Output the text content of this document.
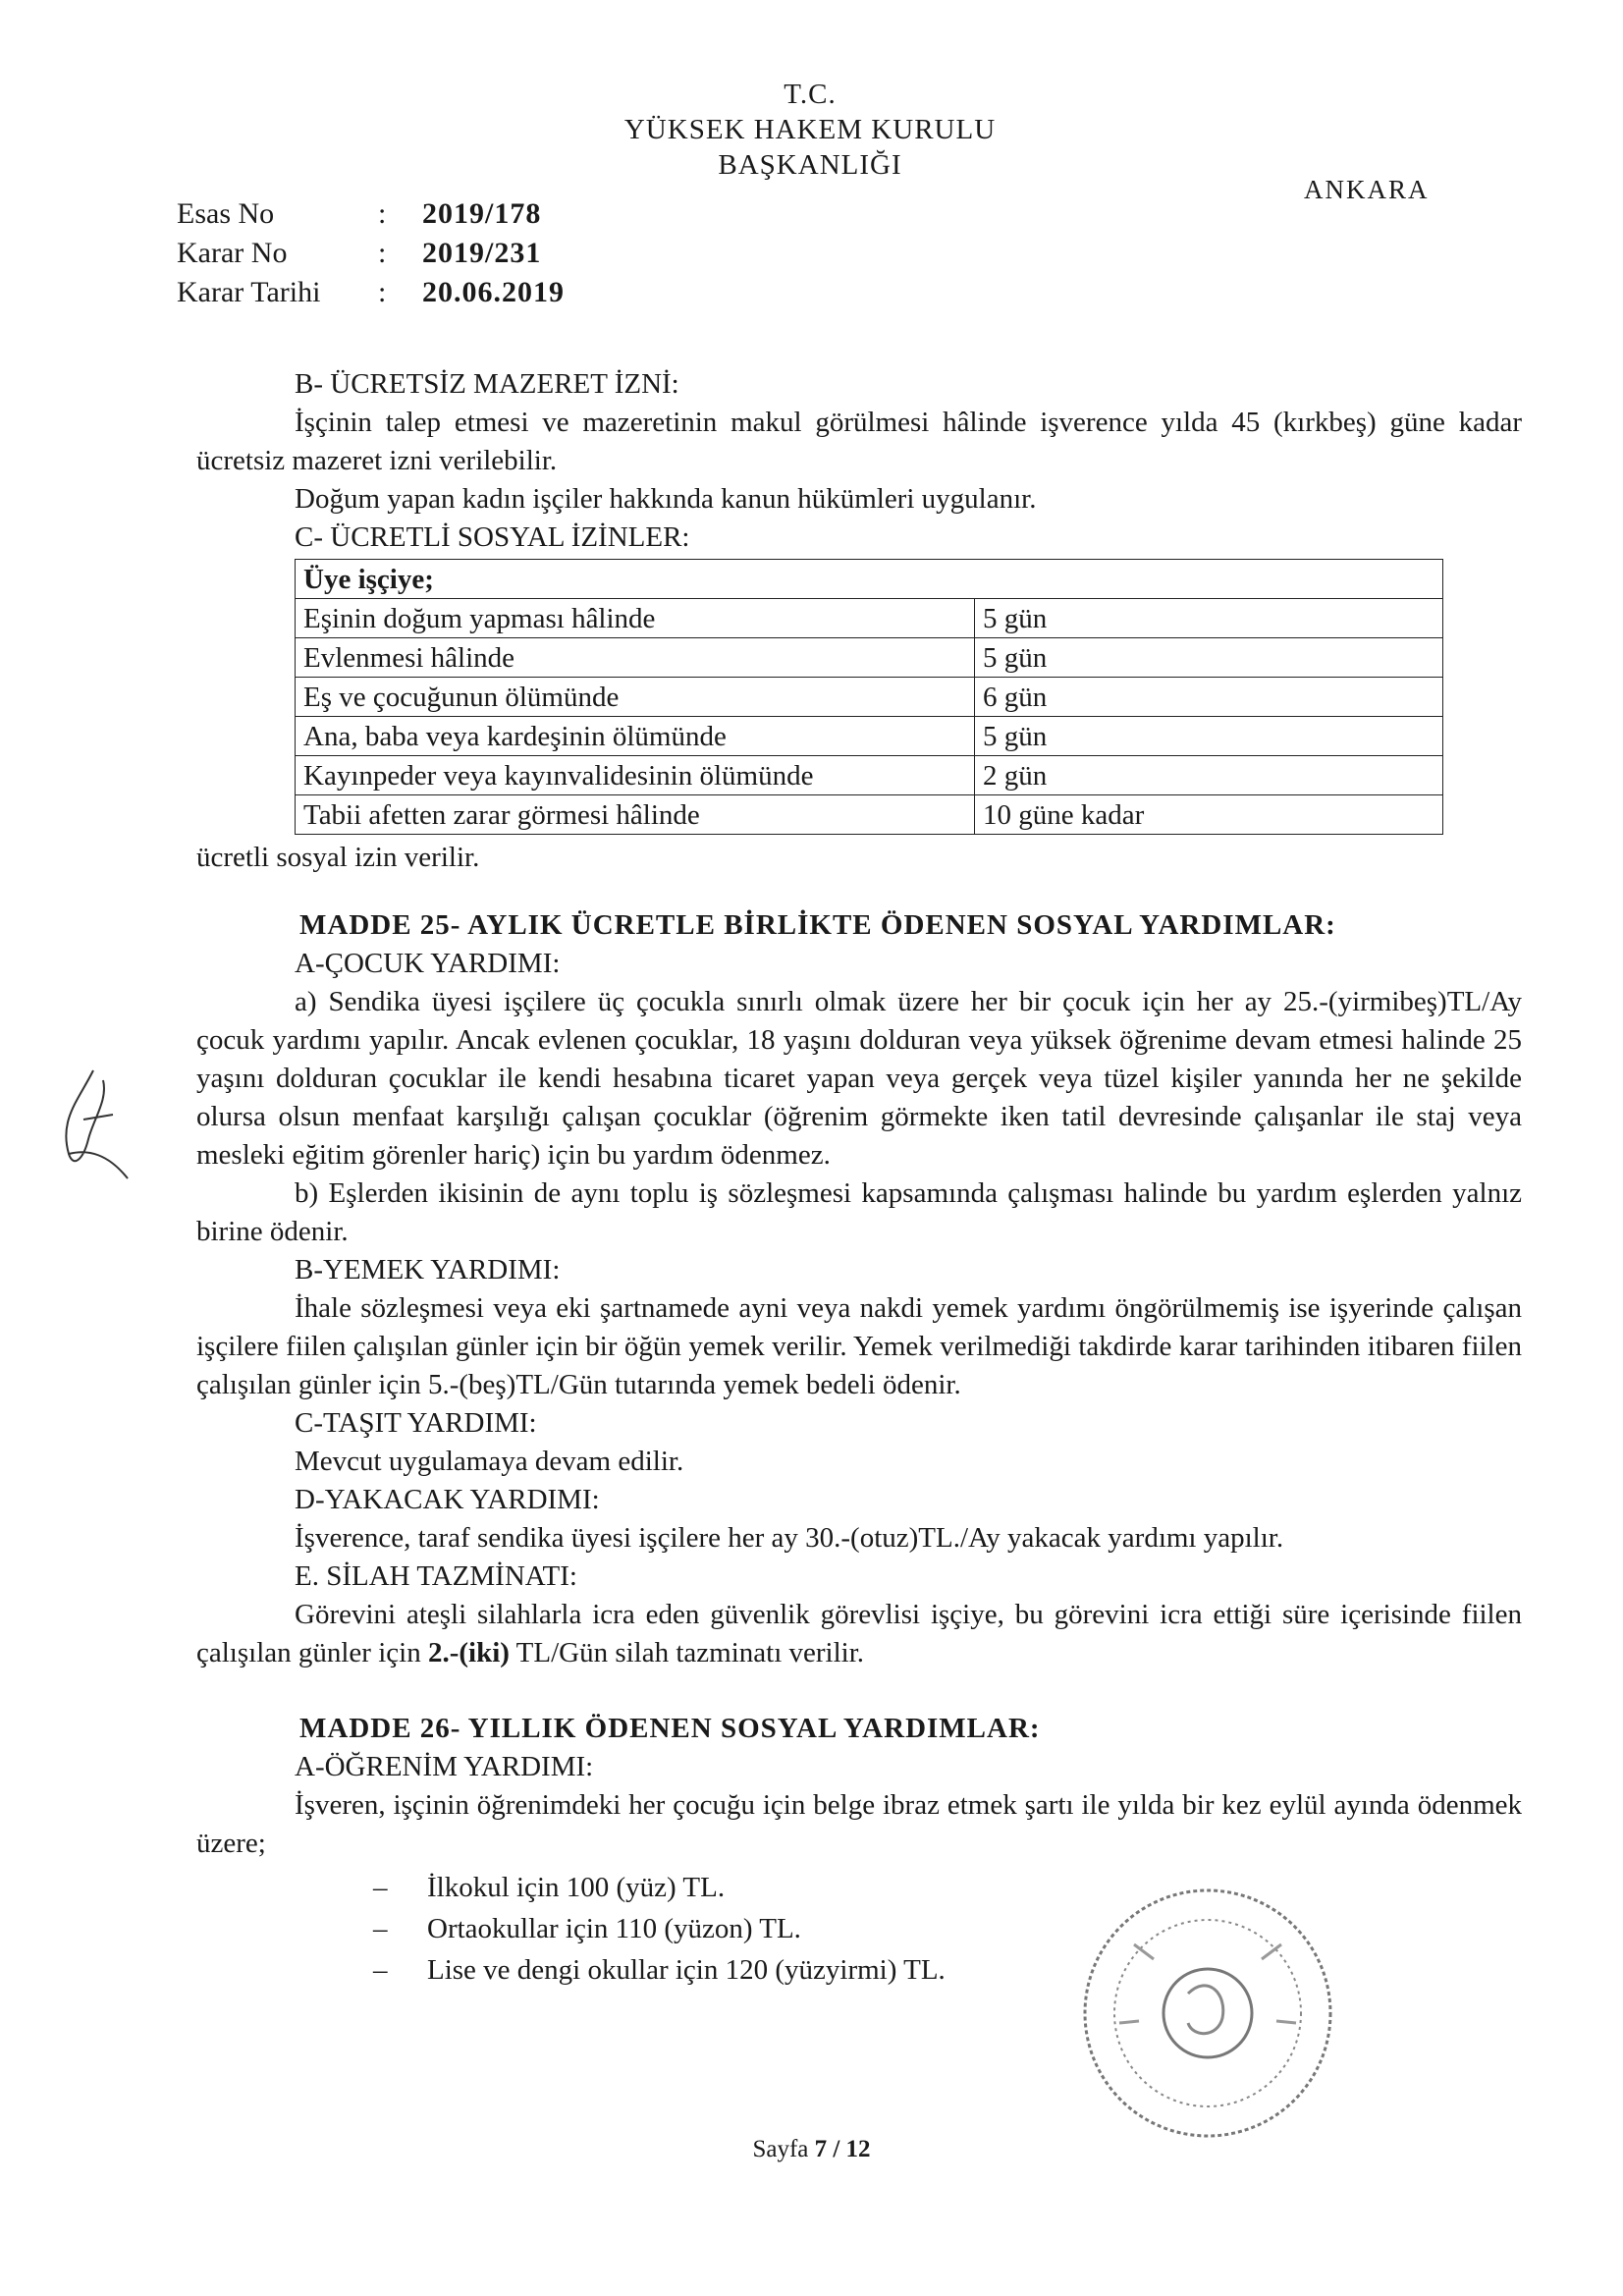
T.C.
YÜKSEK HAKEM KURULU
BAŞKANLIĞI
ANKARA
Esas No	:	2019/178
Karar No	:	2019/231
Karar Tarihi	:	20.06.2019

B- ÜCRETSİZ MAZERET İZNİ:

İşçinin talep etmesi ve mazeretinin makul görülmesi hâlinde işverence yılda 45 (kırkbeş) güne kadar ücretsiz mazeret izni verilebilir.

Doğum yapan kadın işçiler hakkında kanun hükümleri uygulanır.

C- ÜCRETLİ SOSYAL İZİNLER:

Üye işçiye;	
Eşinin doğum yapması hâlinde	5 gün
Evlenmesi hâlinde	5 gün
Eş ve çocuğunun ölümünde	6 gün
Ana, baba veya kardeşinin ölümünde	5 gün
Kayınpeder veya kayınvalidesinin ölümünde	2 gün
Tabii afetten zarar görmesi hâlinde	10 güne kadar

ücretli sosyal izin verilir.

MADDE 25- AYLIK ÜCRETLE BİRLİKTE ÖDENEN SOSYAL YARDIMLAR:

A-ÇOCUK YARDIMI:

a) Sendika üyesi işçilere üç çocukla sınırlı olmak üzere her bir çocuk için her ay 25.-(yirmibeş)TL/Ay çocuk yardımı yapılır. Ancak evlenen çocuklar, 18 yaşını dolduran veya yüksek öğrenime devam etmesi halinde 25 yaşını dolduran çocuklar ile kendi hesabına ticaret yapan veya gerçek veya tüzel kişiler yanında her ne şekilde olursa olsun menfaat karşılığı çalışan çocuklar (öğrenim görmekte iken tatil devresinde çalışanlar ile staj veya mesleki eğitim görenler hariç) için bu yardım ödenmez.

b) Eşlerden ikisinin de aynı toplu iş sözleşmesi kapsamında çalışması halinde bu yardım eşlerden yalnız birine ödenir.

B-YEMEK YARDIMI:

İhale sözleşmesi veya eki şartnamede ayni veya nakdi yemek yardımı öngörülmemiş ise işyerinde çalışan işçilere fiilen çalışılan günler için bir öğün yemek verilir. Yemek verilmediği takdirde karar tarihinden itibaren fiilen çalışılan günler için 5.-(beş)TL/Gün tutarında yemek bedeli ödenir.

C-TAŞIT YARDIMI:

Mevcut uygulamaya devam edilir.

D-YAKACAK YARDIMI:

İşverence, taraf sendika üyesi işçilere her ay 30.-(otuz)TL./Ay yakacak yardımı yapılır.

E. SİLAH TAZMİNATI:

Görevini ateşli silahlarla icra eden güvenlik görevlisi işçiye, bu görevini icra ettiği süre içerisinde fiilen çalışılan günler için 2.-(iki) TL/Gün silah tazminatı verilir.

MADDE 26- YILLIK ÖDENEN SOSYAL YARDIMLAR:

A-ÖĞRENİM YARDIMI:

İşveren, işçinin öğrenimdeki her çocuğu için belge ibraz etmek şartı ile yılda bir kez eylül ayında ödenmek üzere;

– İlkokul için 100 (yüz) TL.
– Ortaokullar için 110 (yüzon) TL.
– Lise ve dengi okullar için 120 (yüzyirmi) TL.
Sayfa 7 / 12
